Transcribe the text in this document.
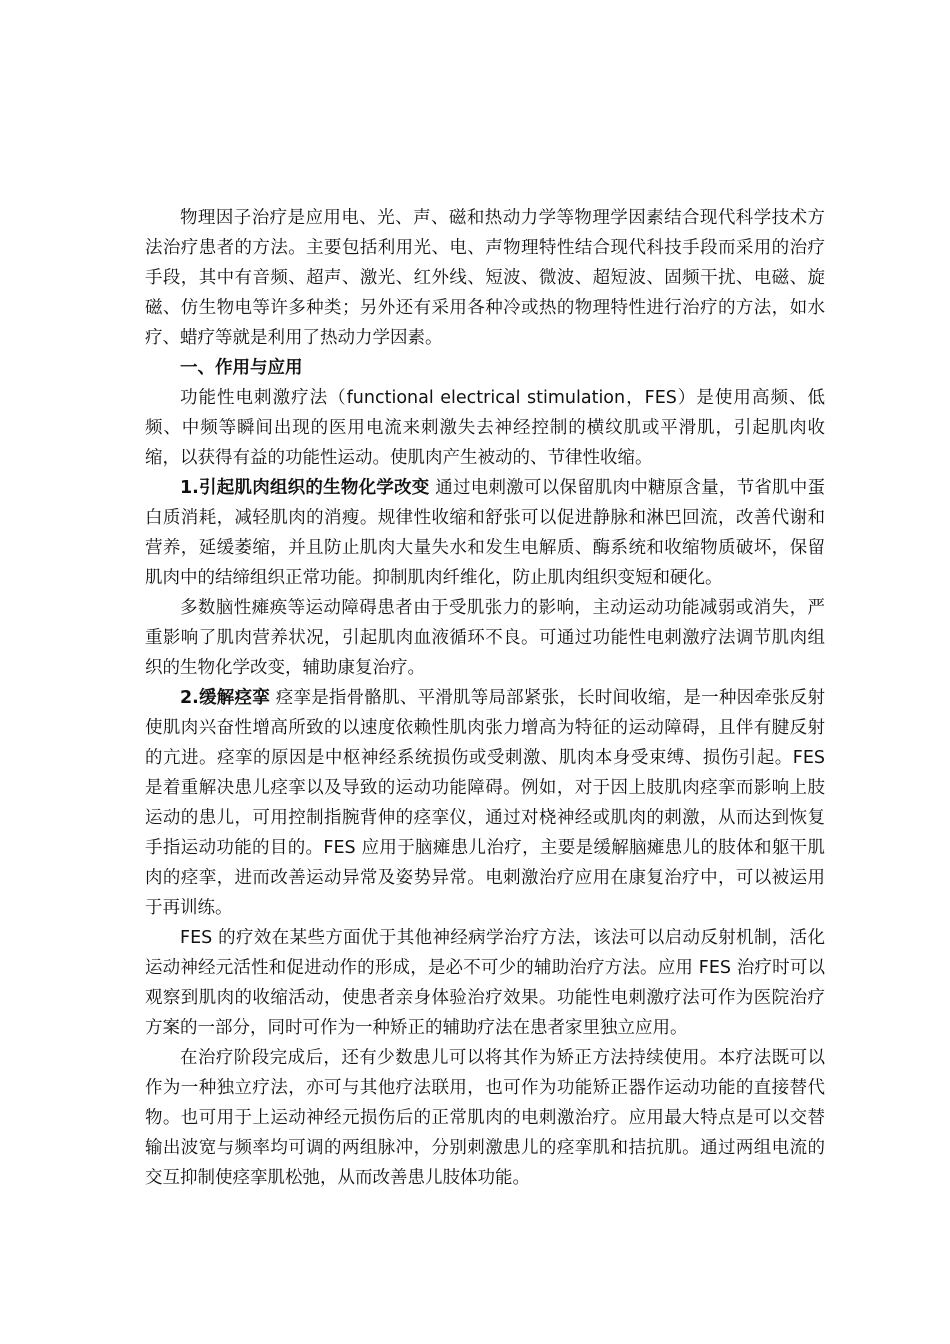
物理因子治疗是应用电、光、声、磁和热动力学等物理学因素结合现代科学技术方法治疗患者的方法。主要包括利用光、电、声物理特性结合现代科技手段而采用的治疗手段，其中有音频、超声、激光、红外线、短波、微波、超短波、固频干扰、电磁、旋磁、仿生物电等许多种类；另外还有采用各种冷或热的物理特性进行治疗的方法，如水疗、蜡疗等就是利用了热动力学因素。

一、作用与应用

功能性电刺激疗法（functional electrical stimulation，FES）是使用高频、低频、中频等瞬间出现的医用电流来刺激失去神经控制的横纹肌或平滑肌，引起肌肉收缩，以获得有益的功能性运动。使肌肉产生被动的、节律性收缩。

1.引起肌肉组织的生物化学改变 通过电刺激可以保留肌肉中糖原含量，节省肌中蛋白质消耗，减轻肌肉的消瘦。规律性收缩和舒张可以促进静脉和淋巴回流，改善代谢和营养，延缓萎缩，并且防止肌肉大量失水和发生电解质、酶系统和收缩物质破坏，保留肌肉中的结缔组织正常功能。抑制肌肉纤维化，防止肌肉组织变短和硬化。

多数脑性瘫痪等运动障碍患者由于受肌张力的影响，主动运动功能减弱或消失，严重影响了肌肉营养状况，引起肌肉血液循环不良。可通过功能性电刺激疗法调节肌肉组织的生物化学改变，辅助康复治疗。

2.缓解痉挛 痉挛是指骨骼肌、平滑肌等局部紧张，长时间收缩，是一种因牵张反射使肌肉兴奋性增高所致的以速度依赖性肌肉张力增高为特征的运动障碍，且伴有腱反射的亢进。痉挛的原因是中枢神经系统损伤或受刺激、肌肉本身受束缚、损伤引起。FES 是着重解决患儿痉挛以及导致的运动功能障碍。例如，对于因上肢肌肉痉挛而影响上肢运动的患儿，可用控制指腕背伸的痉挛仪，通过对桡神经或肌肉的刺激，从而达到恢复手指运动功能的目的。FES 应用于脑瘫患儿治疗，主要是缓解脑瘫患儿的肢体和躯干肌肉的痉挛，进而改善运动异常及姿势异常。电刺激治疗应用在康复治疗中，可以被运用于再训练。

FES 的疗效在某些方面优于其他神经病学治疗方法，该法可以启动反射机制，活化运动神经元活性和促进动作的形成，是必不可少的辅助治疗方法。应用 FES 治疗时可以观察到肌肉的收缩活动，使患者亲身体验治疗效果。功能性电刺激疗法可作为医院治疗方案的一部分，同时可作为一种矫正的辅助疗法在患者家里独立应用。

在治疗阶段完成后，还有少数患儿可以将其作为矫正方法持续使用。本疗法既可以作为一种独立疗法，亦可与其他疗法联用，也可作为功能矫正器作运动功能的直接替代物。也可用于上运动神经元损伤后的正常肌肉的电刺激治疗。应用最大特点是可以交替输出波宽与频率均可调的两组脉冲，分别刺激患儿的痉挛肌和拮抗肌。通过两组电流的交互抑制使痉挛肌松弛，从而改善患儿肢体功能。
